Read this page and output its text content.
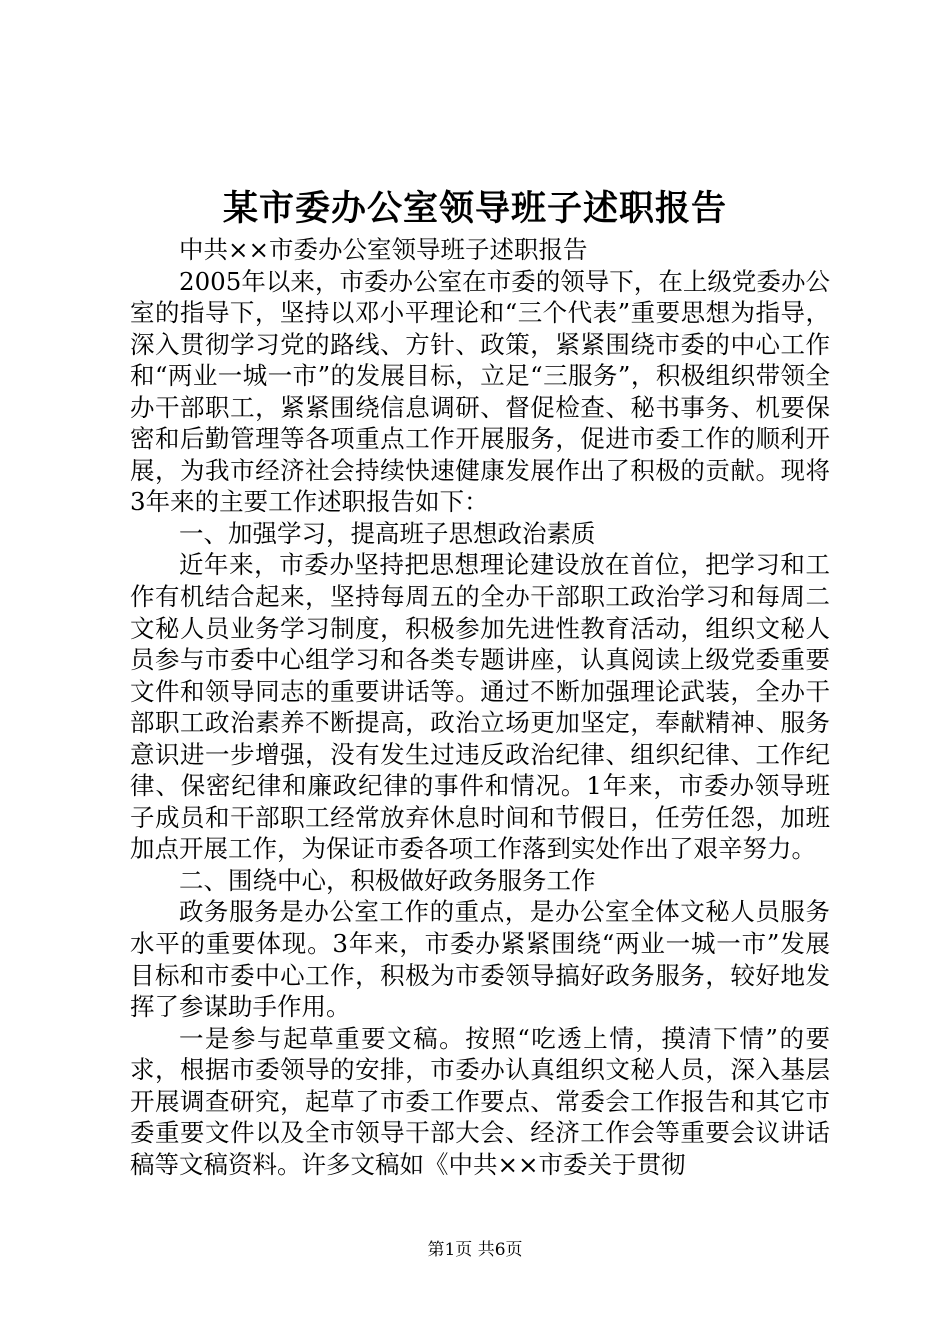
某市委办公室领导班子述职报告

中共××市委办公室领导班子述职报告

2005年以来，市委办公室在市委的领导下，在上级党委办公室的指导下，坚持以邓小平理论和“三个代表”重要思想为指导，深入贯彻学习党的路线、方针、政策，紧紧围绕市委的中心工作和“两业一城一市”的发展目标，立足“三服务”，积极组织带领全办干部职工，紧紧围绕信息调研、督促检查、秘书事务、机要保密和后勤管理等各项重点工作开展服务，促进市委工作的顺利开展，为我市经济社会持续快速健康发展作出了积极的贡献。现将3年来的主要工作述职报告如下：

一、加强学习，提高班子思想政治素质

近年来，市委办坚持把思想理论建设放在首位，把学习和工作有机结合起来，坚持每周五的全办干部职工政治学习和每周二文秘人员业务学习制度，积极参加先进性教育活动，组织文秘人员参与市委中心组学习和各类专题讲座，认真阅读上级党委重要文件和领导同志的重要讲话等。通过不断加强理论武装，全办干部职工政治素养不断提高，政治立场更加坚定，奉献精神、服务意识进一步增强，没有发生过违反政治纪律、组织纪律、工作纪律、保密纪律和廉政纪律的事件和情况。1年来，市委办领导班子成员和干部职工经常放弃休息时间和节假日，任劳任怨，加班加点开展工作，为保证市委各项工作落到实处作出了艰辛努力。

二、围绕中心，积极做好政务服务工作

政务服务是办公室工作的重点，是办公室全体文秘人员服务水平的重要体现。3年来，市委办紧紧围绕“两业一城一市”发展目标和市委中心工作，积极为市委领导搞好政务服务，较好地发挥了参谋助手作用。

一是参与起草重要文稿。按照“吃透上情，摸清下情”的要求，根据市委领导的安排，市委办认真组织文秘人员，深入基层开展调查研究，起草了市委工作要点、常委会工作报告和其它市委重要文件以及全市领导干部大会、经济工作会等重要会议讲话稿等文稿资料。许多文稿如《中共××市委关于贯彻

第1页 共6页
